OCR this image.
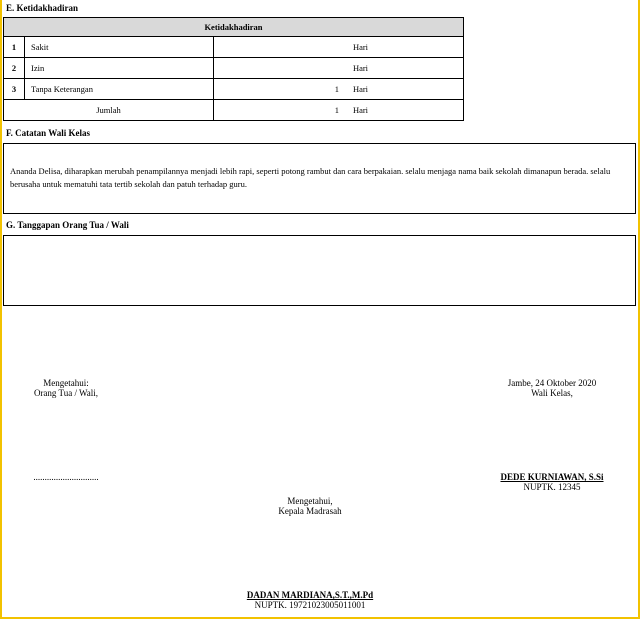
E. Ketidakhadiran
Ketidakhadiran		
1	Sakit	Hari
2	Izin	Hari
3	Tanpa Keterangan	1 Hari
Jumlah		1 Hari
F. Catatan Wali Kelas
Ananda Delisa, diharapkan merubah penampilannya menjadi lebih rapi, seperti potong rambut dan cara berpakaian. selalu menjaga nama baik sekolah dimanapun berada. selalu berusaha untuk mematuhi tata tertib sekolah dan patuh terhadap guru.
G. Tanggapan Orang Tua / Wali
Mengetahui:
Orang Tua / Wali,
.............................
Jambe, 24 Oktober 2020
Wali Kelas,
DEDE KURNIAWAN, S.Si
NUPTK. 12345
Mengetahui,
Kepala Madrasah
DADAN MARDIANA,S.T.,M.Pd
NUPTK. 19721023005011001
